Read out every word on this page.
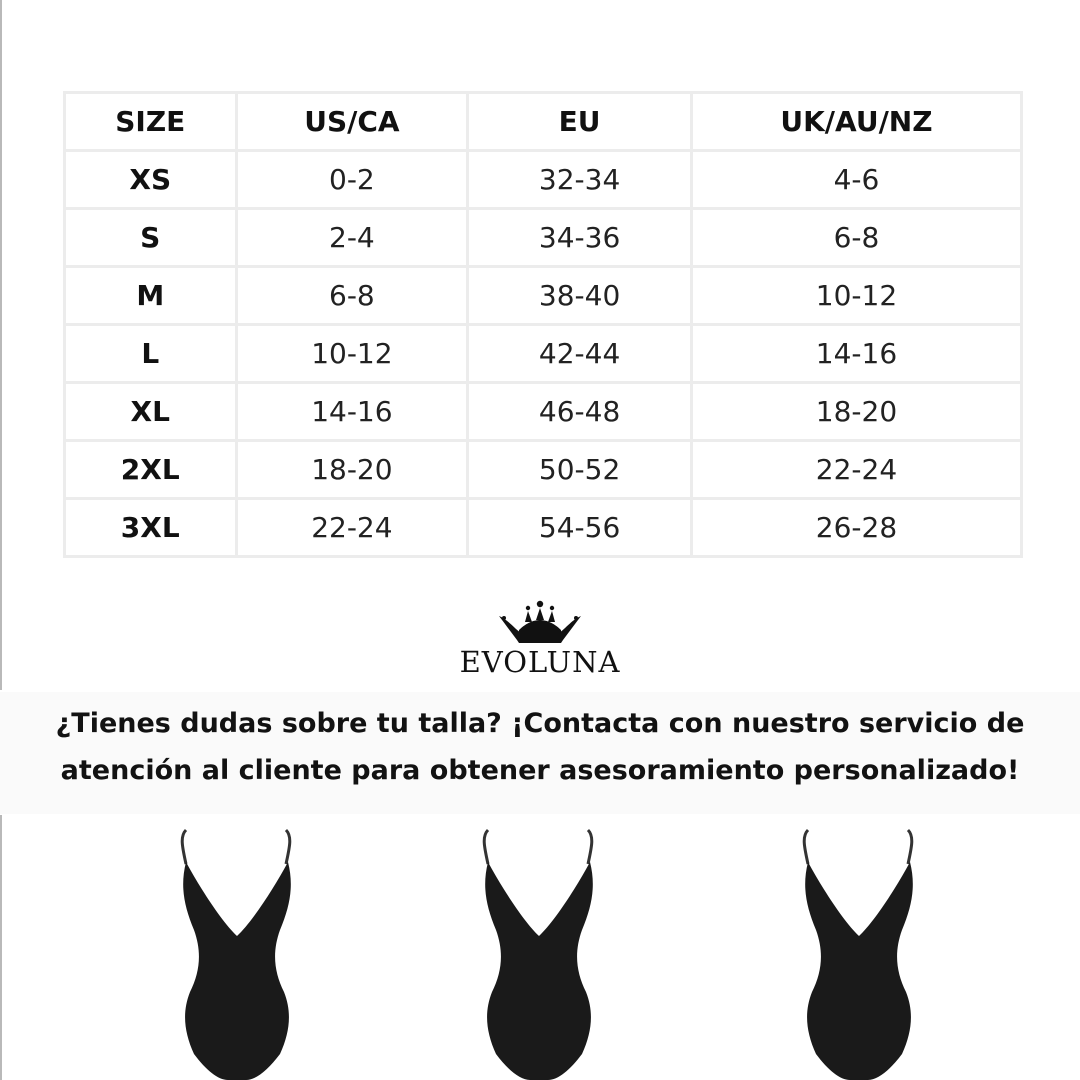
SIZE	US/CA	EU	UK/AU/NZ
XS	0-2	32-34	4-6
S	2-4	34-36	6-8
M	6-8	38-40	10-12
L	10-12	42-44	14-16
XL	14-16	46-48	18-20
2XL	18-20	50-52	22-24
3XL	22-24	54-56	26-28
EVOLUNA
¿Tienes dudas sobre tu talla? ¡Contacta con nuestro servicio de
atención al cliente para obtener asesoramiento personalizado!
